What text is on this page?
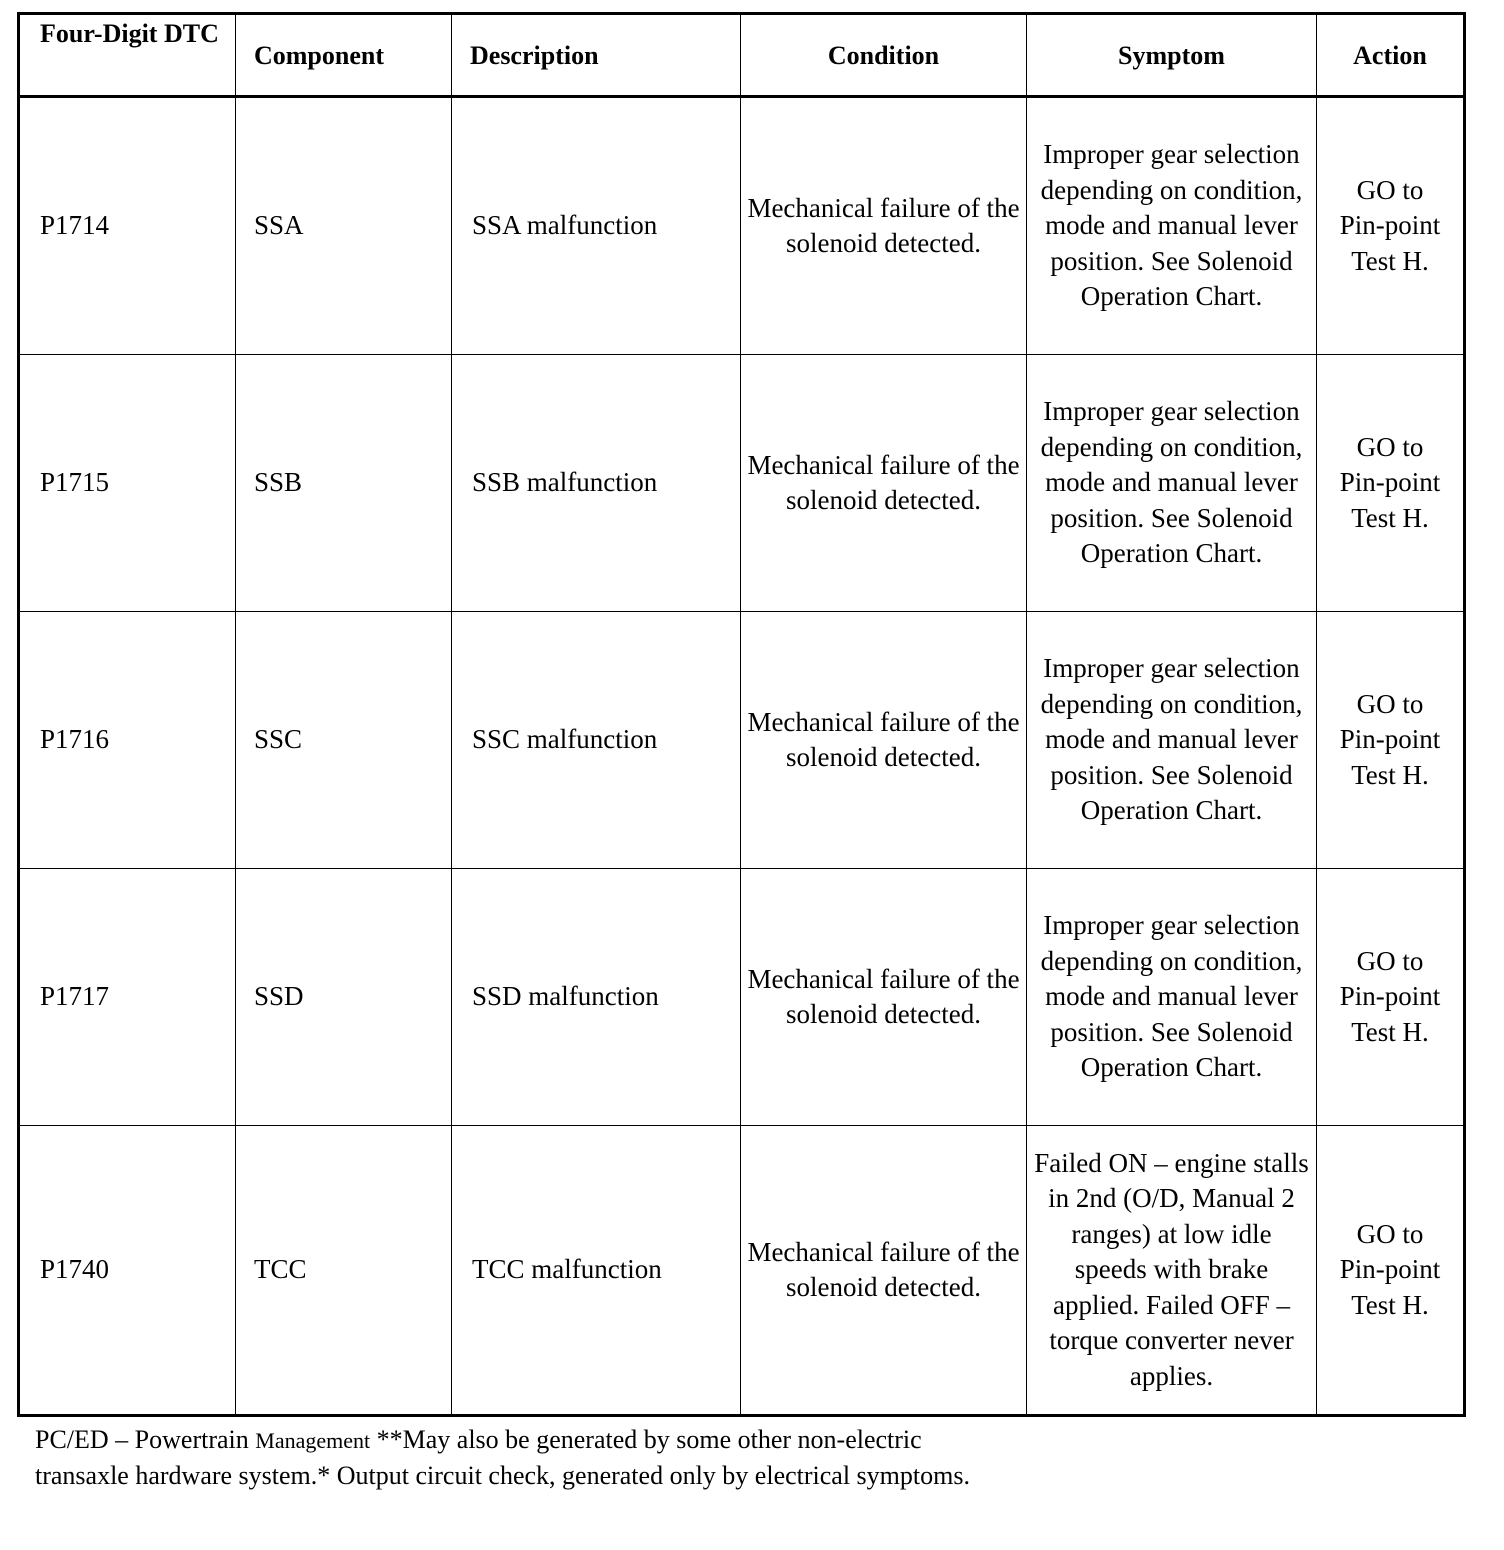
Four-Digit DTC	Component	Description	Condition	Symptom	Action
P1714	SSA	SSA malfunction	Mechanical failure of the solenoid detected.	Improper gear selection depending on condition, mode and manual lever position. See Solenoid Operation Chart.	GO to Pin-point Test H.
P1715	SSB	SSB malfunction	Mechanical failure of the solenoid detected.	Improper gear selection depending on condition, mode and manual lever position. See Solenoid Operation Chart.	GO to Pin-point Test H.
P1716	SSC	SSC malfunction	Mechanical failure of the solenoid detected.	Improper gear selection depending on condition, mode and manual lever position. See Solenoid Operation Chart.	GO to Pin-point Test H.
P1717	SSD	SSD malfunction	Mechanical failure of the solenoid detected.	Improper gear selection depending on condition, mode and manual lever position. See Solenoid Operation Chart.	GO to Pin-point Test H.
P1740	TCC	TCC malfunction	Mechanical failure of the solenoid detected.	Failed ON – engine stalls in 2nd (O/D, Manual 2 ranges) at low idle speeds with brake applied. Failed OFF – torque converter never applies.	GO to Pin-point Test H.

PC/ED – Powertrain Management **May also be generated by some other non-electric
transaxle hardware system.* Output circuit check, generated only by electrical symptoms.
